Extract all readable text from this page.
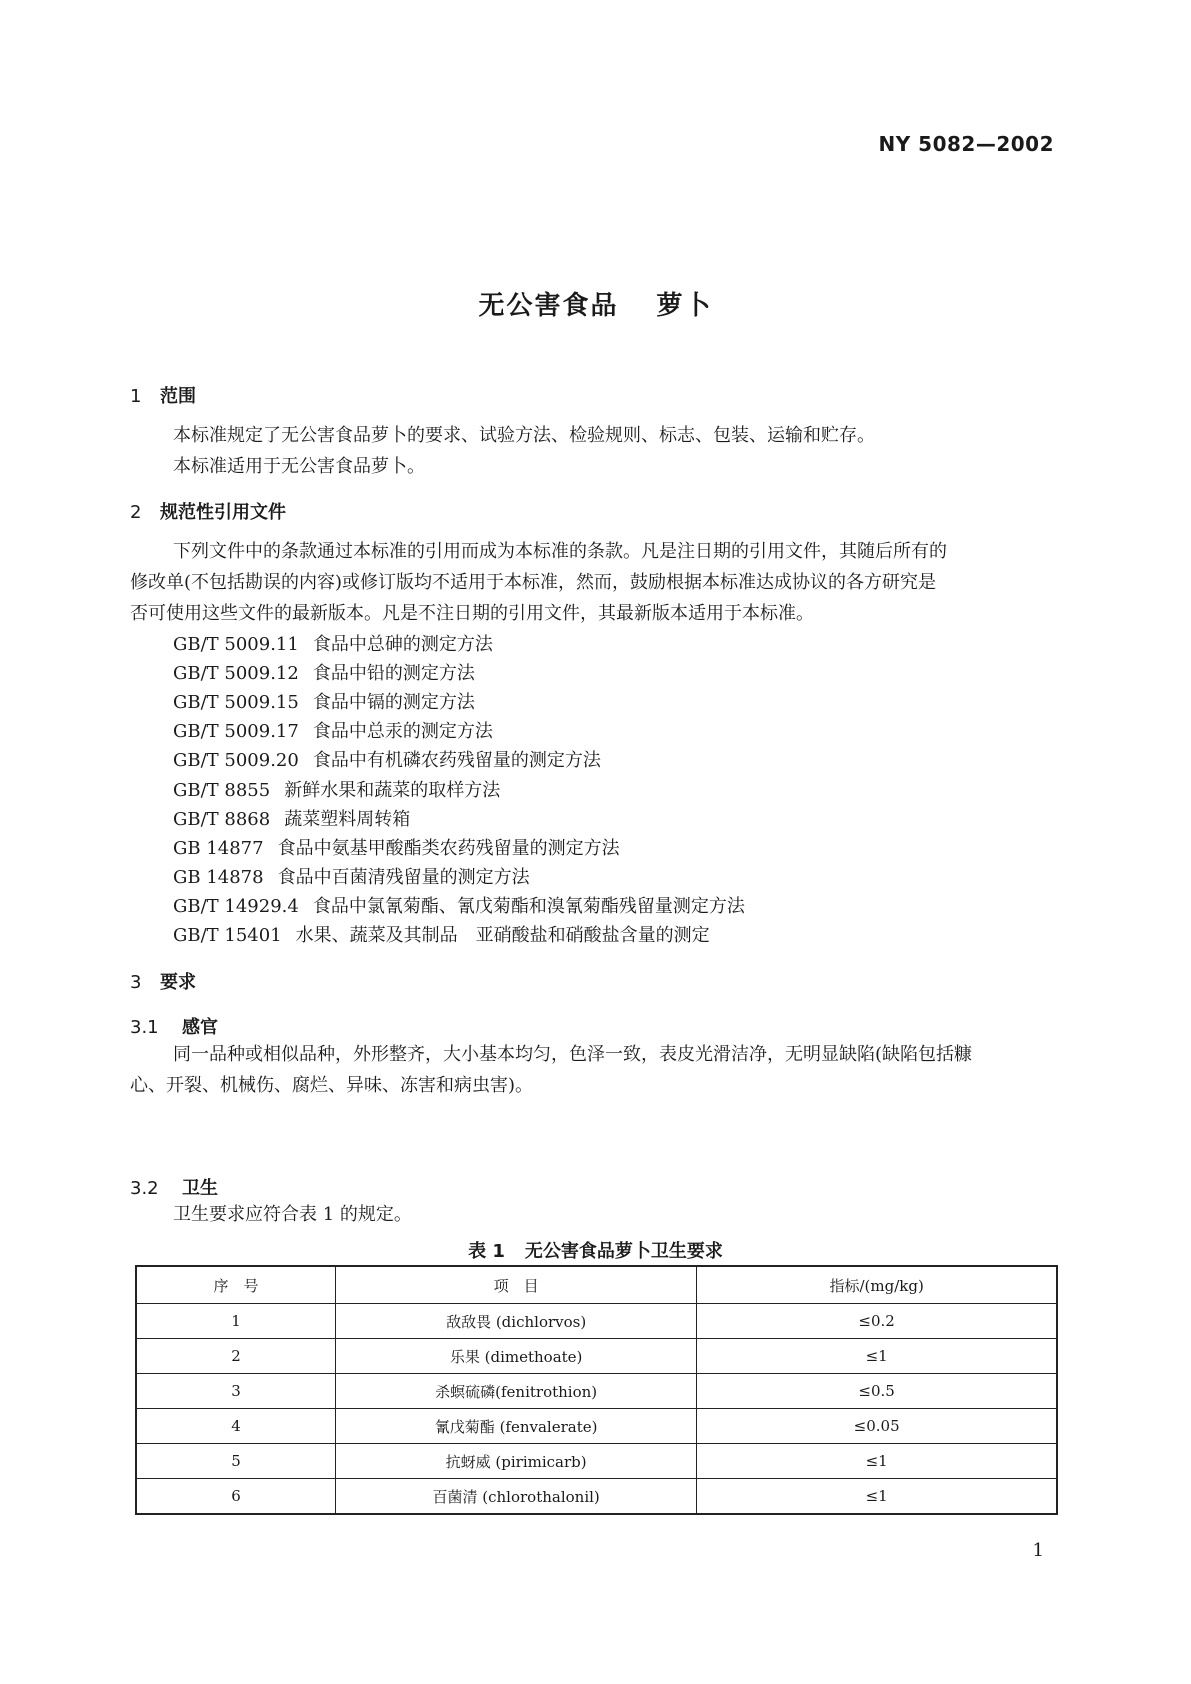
NY 5082—2002
无公害食品 萝卜
1 范围
本标准规定了无公害食品萝卜的要求、试验方法、检验规则、标志、包装、运输和贮存。
本标准适用于无公害食品萝卜。
2 规范性引用文件
下列文件中的条款通过本标准的引用而成为本标准的条款。凡是注日期的引用文件，其随后所有的
修改单(不包括勘误的内容)或修订版均不适用于本标准，然而，鼓励根据本标准达成协议的各方研究是
否可使用这些文件的最新版本。凡是不注日期的引用文件，其最新版本适用于本标准。
GB/T 5009.11 食品中总砷的测定方法
GB/T 5009.12 食品中铅的测定方法
GB/T 5009.15 食品中镉的测定方法
GB/T 5009.17 食品中总汞的测定方法
GB/T 5009.20 食品中有机磷农药残留量的测定方法
GB/T 8855 新鲜水果和蔬菜的取样方法
GB/T 8868 蔬菜塑料周转箱
GB 14877 食品中氨基甲酸酯类农药残留量的测定方法
GB 14878 食品中百菌清残留量的测定方法
GB/T 14929.4 食品中氯氰菊酯、氰戊菊酯和溴氰菊酯残留量测定方法
GB/T 15401 水果、蔬菜及其制品　亚硝酸盐和硝酸盐含量的测定
3 要求
3.1 感官
同一品种或相似品种，外形整齐，大小基本均匀，色泽一致，表皮光滑洁净，无明显缺陷(缺陷包括糠
心、开裂、机械伤、腐烂、异味、冻害和病虫害)。
3.2 卫生
卫生要求应符合表 1 的规定。
表 1 无公害食品萝卜卫生要求
序　号	项　目	指标/(mg/kg)
1	敌敌畏 (dichlorvos)	≤0.2
2	乐果 (dimethoate)	≤1
3	杀螟硫磷(fenitrothion)	≤0.5
4	氰戊菊酯 (fenvalerate)	≤0.05
5	抗蚜威 (pirimicarb)	≤1
6	百菌清 (chlorothalonil)	≤1
1
